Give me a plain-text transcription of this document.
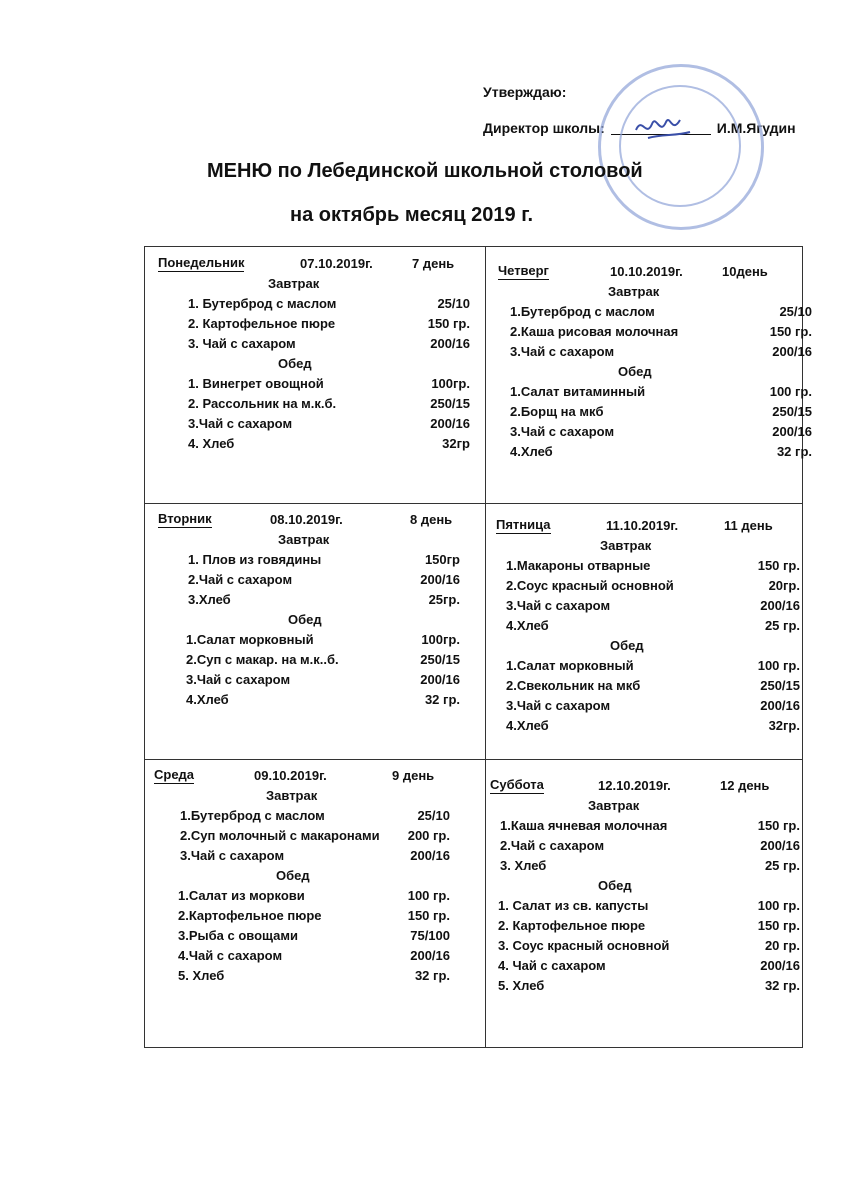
Утверждаю:
Директор школы:	И.М.Ягудин
МЕНЮ по Лебединской школьной столовой
на октябрь месяц 2019 г.
Понедельник	07.10.2019г.	7 день
Завтрак
1. Бутерброд с маслом	25/10
2. Картофельное пюре	150 гр.
3. Чай с сахаром	200/16
Обед
1. Винегрет овощной	100гр.
2. Рассольник на м.к.б.	250/15
3.Чай с сахаром	200/16
4. Хлеб	32гр
Четверг	10.10.2019г.	10день
Завтрак
1.Бутерброд с маслом	25/10
2.Каша рисовая молочная	150 гр.
3.Чай с сахаром	200/16
Обед
1.Салат витаминный	100 гр.
2.Борщ на мкб	250/15
3.Чай с сахаром	200/16
4.Хлеб	32 гр.
Вторник	08.10.2019г.	8 день
Завтрак
1. Плов из говядины	150гр
2.Чай с сахаром	200/16
3.Хлеб	25гр.
Обед
1.Салат морковный	100гр.
2.Суп с макар. на м.к..б.	250/15
3.Чай с сахаром	200/16
4.Хлеб	32 гр.
Пятница	11.10.2019г.	11 день
Завтрак
1.Макароны отварные	150 гр.
2.Соус красный основной	20гр.
3.Чай с сахаром	200/16
4.Хлеб	25 гр.
Обед
1.Салат морковный	100 гр.
2.Свекольник на мкб	250/15
3.Чай с сахаром	200/16
4.Хлеб	32гр.
Среда	09.10.2019г.	9 день
Завтрак
1.Бутерброд с маслом	25/10
2.Суп молочный с макаронами 200 гр.
3.Чай с сахаром	200/16
Обед
1.Салат из моркови	100 гр.
2.Картофельное пюре	150 гр.
3.Рыба с овощами	75/100
4.Чай с сахаром	200/16
5. Хлеб	32 гр.
Суббота	12.10.2019г.	12 день
Завтрак
1.Каша ячневая молочная	150 гр.
2.Чай с сахаром	200/16
3. Хлеб	25 гр.
Обед
1. Салат из св. капусты	100 гр.
2. Картофельное пюре	150 гр.
3. Соус красный основной	20 гр.
4. Чай с сахаром	200/16
5. Хлеб	32 гр.
